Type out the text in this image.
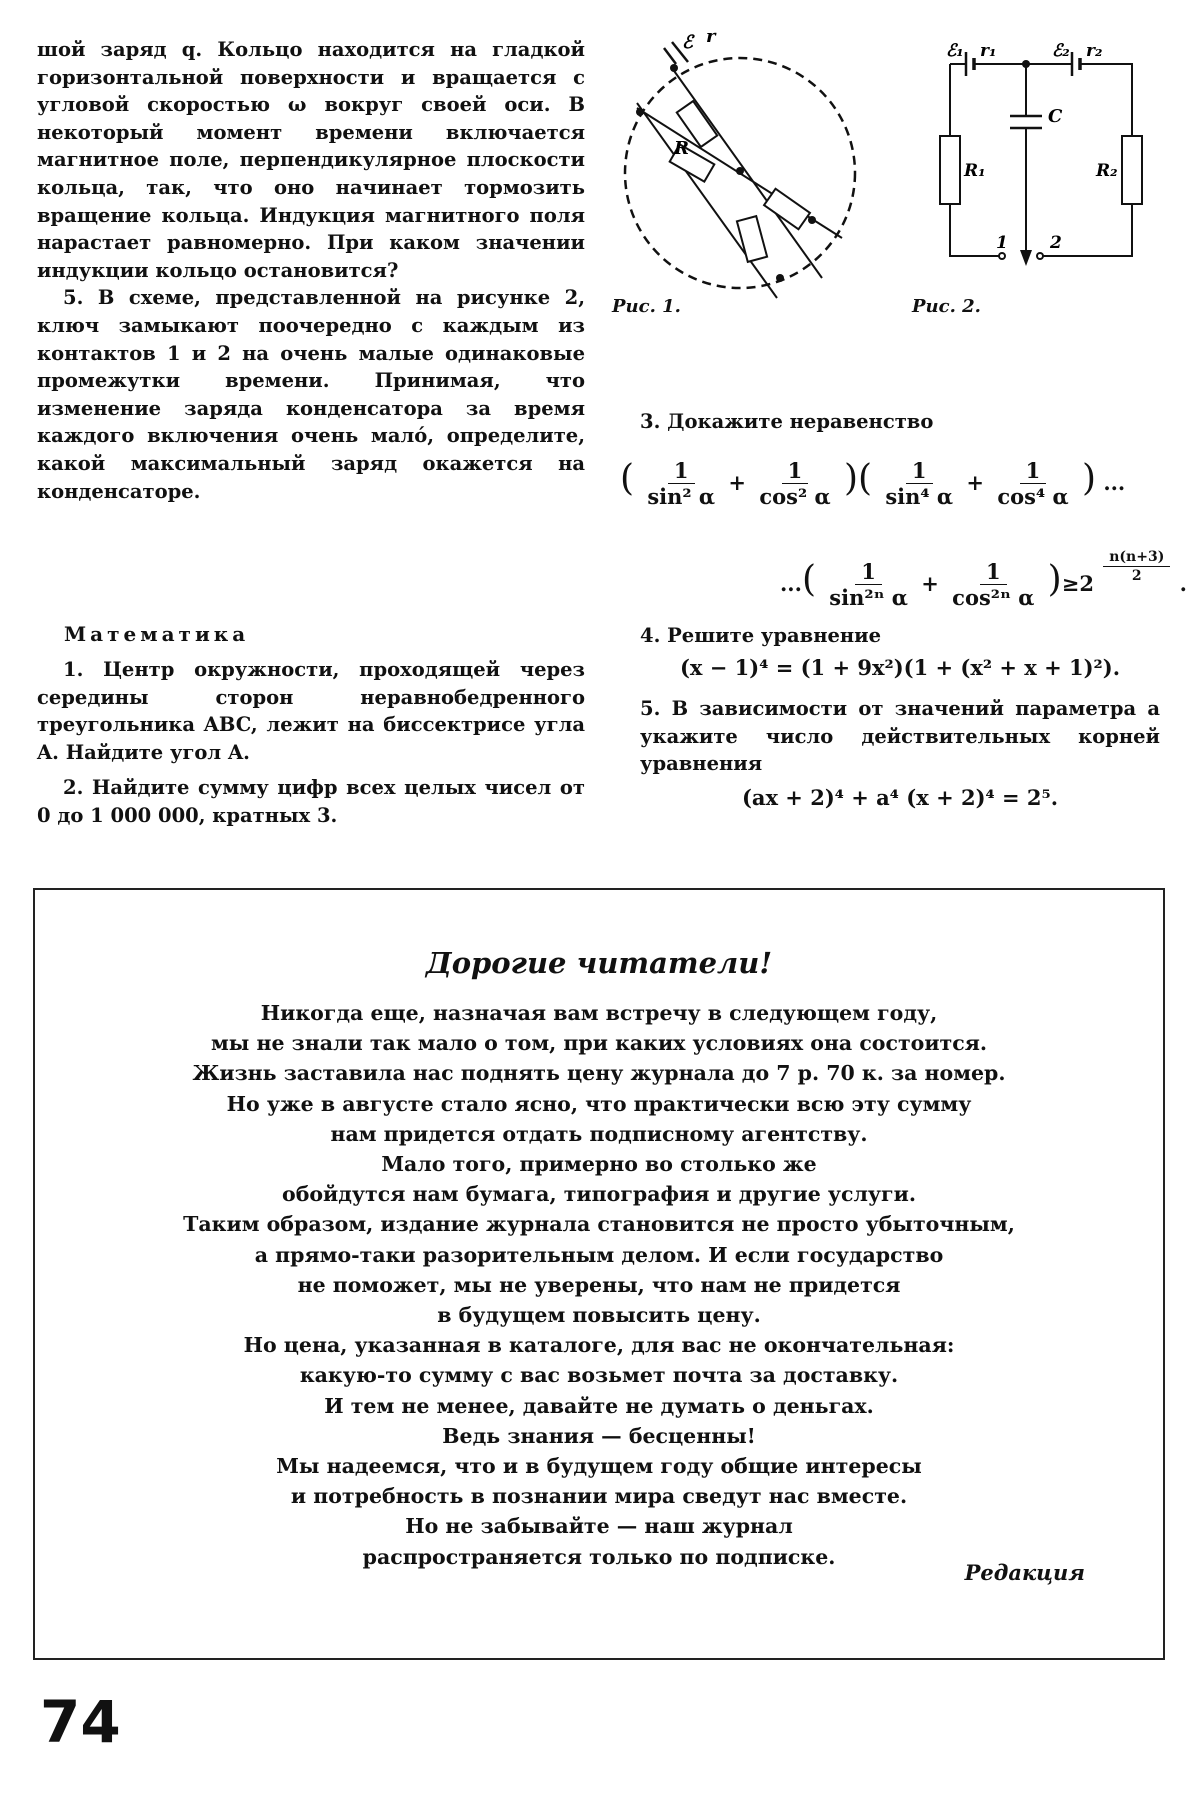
шой заряд q. Кольцо находится на гладкой горизонтальной поверхности и вращается с угловой скоростью ω вокруг своей оси. В некоторый момент времени включается магнитное поле, перпендикулярное плоскости кольца, так, что оно начинает тормозить вращение кольца. Индукция магнитного поля нарастает равномерно. При каком значении индукции кольцо остановится?

5. В схеме, представленной на рисунке 2, ключ замыкают поочередно с каждым из контактов 1 и 2 на очень малые одинаковые промежутки времени. Принимая, что изменение заряда конденсатора за время каждого включения очень малó, определите, какой максимальный заряд окажется на конденсаторе.

ℰ r
R
Рис. 1.
ℰ₁ r₁	ℰ₂ r₂
C
R₁	R₂
1 2
Рис. 2.
Математика

1. Центр окружности, проходящей через середины сторон неравнобедренного треугольника ABC, лежит на биссектрисе угла A. Найдите угол A.

2. Найдите сумму цифр всех целых чисел от 0 до 1 000 000, кратных 3.

3. Докажите неравенство

( $\frac{1}{\text{sin² α}} + \frac{1}{\text{cos² α}}$ )( $\frac{1}{\text{sin⁴ α}} + \frac{1}{\text{cos⁴ α}}$ ) ...
...( $\frac{1}{\text{sin²ⁿ α}} + \frac{1}{\text{cos²ⁿ α}} )\ge 2 \frac{n(n+3)}{2}$ .

4. Решите уравнение

(x − 1)⁴ = (1 + 9x²)(1 + (x² + x + 1)²).

5. В зависимости от значений параметра a укажите число действительных корней уравнения

(ax + 2)⁴ + a⁴ (x + 2)⁴ = 2⁵.

Дорогие читатели!
Никогда еще, назначая вам встречу в следующем году,
мы не знали так мало о том, при каких условиях она состоится.
Жизнь заставила нас поднять цену журнала до 7 р. 70 к. за номер.
Но уже в августе стало ясно, что практически всю эту сумму
нам придется отдать подписному агентству.
Мало того, примерно во столько же
обойдутся нам бумага, типография и другие услуги.
Таким образом, издание журнала становится не просто убыточным,
а прямо-таки разорительным делом. И если государство
не поможет, мы не уверены, что нам не придется
в будущем повысить цену.
Но цена, указанная в каталоге, для вас не окончательная:
какую-то сумму с вас возьмет почта за доставку.
И тем не менее, давайте не думать о деньгах.
Ведь знания — бесценны!
Мы надеемся, что и в будущем году общие интересы
и потребность в познании мира сведут нас вместе.
Но не забывайте — наш журнал
распространяется только по подписке.
Редакция
74
